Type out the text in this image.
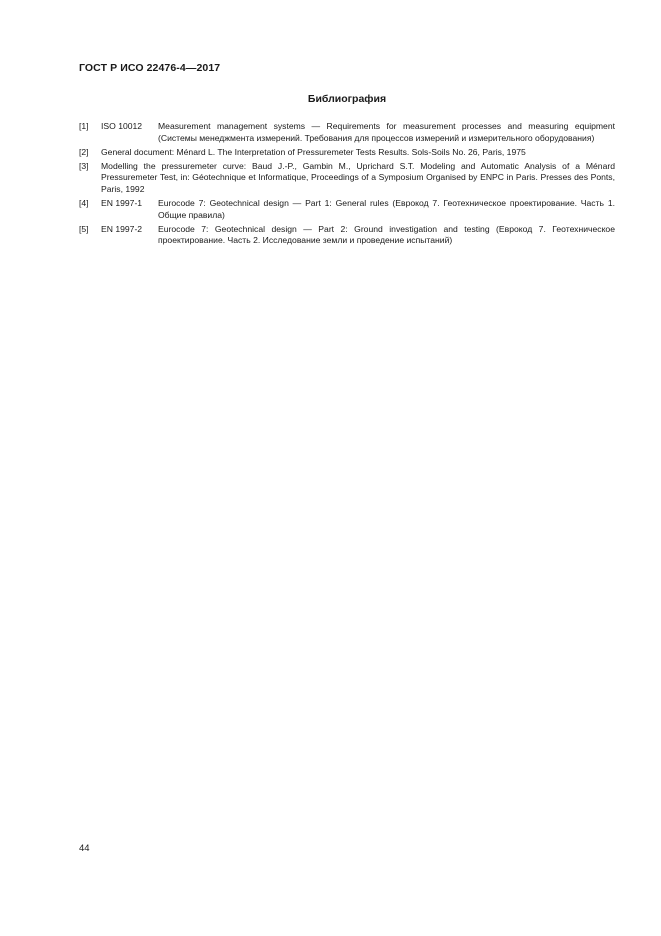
ГОСТ Р ИСО 22476-4—2017
Библиография
[1] ISO 10012 Measurement management systems — Requirements for measurement processes and measuring equipment (Системы менеджмента измерений. Требования для процессов измерений и измерительного оборудования)
[2] General document: Ménard L. The Interpretation of Pressuremeter Tests Results. Sols-Soils No. 26, Paris, 1975
[3] Modelling the pressuremeter curve: Baud J.-P., Gambin M., Uprichard S.T. Modeling and Automatic Analysis of a Ménard Pressuremeter Test, in: Géotechnique et Informatique, Proceedings of a Symposium Organised by ENPC in Paris. Presses des Ponts, Paris, 1992
[4] EN 1997-1 Eurocode 7: Geotechnical design — Part 1: General rules (Еврокод 7. Геотехническое проектирование. Часть 1. Общие правила)
[5] EN 1997-2 Eurocode 7: Geotechnical design — Part 2: Ground investigation and testing (Еврокод 7. Геотехническое проектирование. Часть 2. Исследование земли и проведение испытаний)
44
